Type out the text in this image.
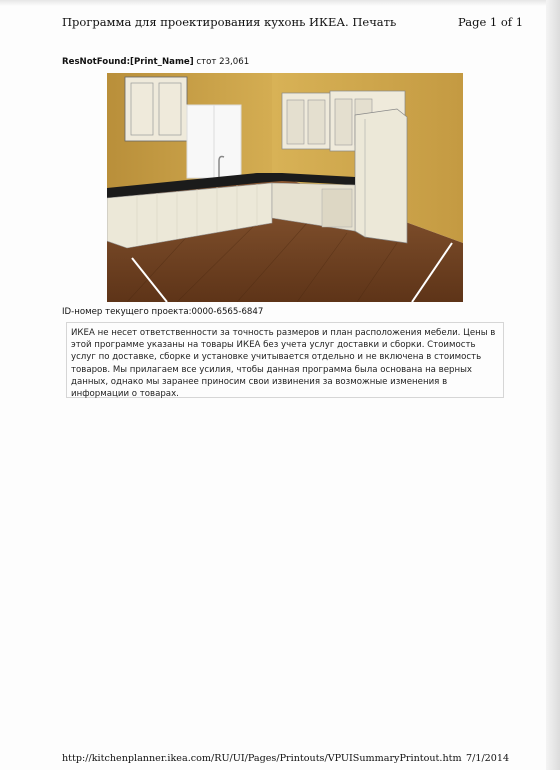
Программа для проектирования кухонь ИКЕА. Печать	Page 1 of 1
ResNotFound:[Print_Name] стот 23,061
ID-номер текущего проекта:0000-6565-6847
ИКЕА не несет ответственности за точность размеров и план расположения мебели. Цены в этой программе указаны на товары ИКЕА без учета услуг доставки и сборки. Стоимость услуг по доставке, сборке и установке учитывается отдельно и не включена в стоимость товаров. Мы прилагаем все усилия, чтобы данная программа была основана на верных данных, однако мы заранее приносим свои извинения за возможные изменения в информации о товарах.
http://kitchenplanner.ikea.com/RU/UI/Pages/Printouts/VPUISummaryPrintout.htm 7/1/2014
